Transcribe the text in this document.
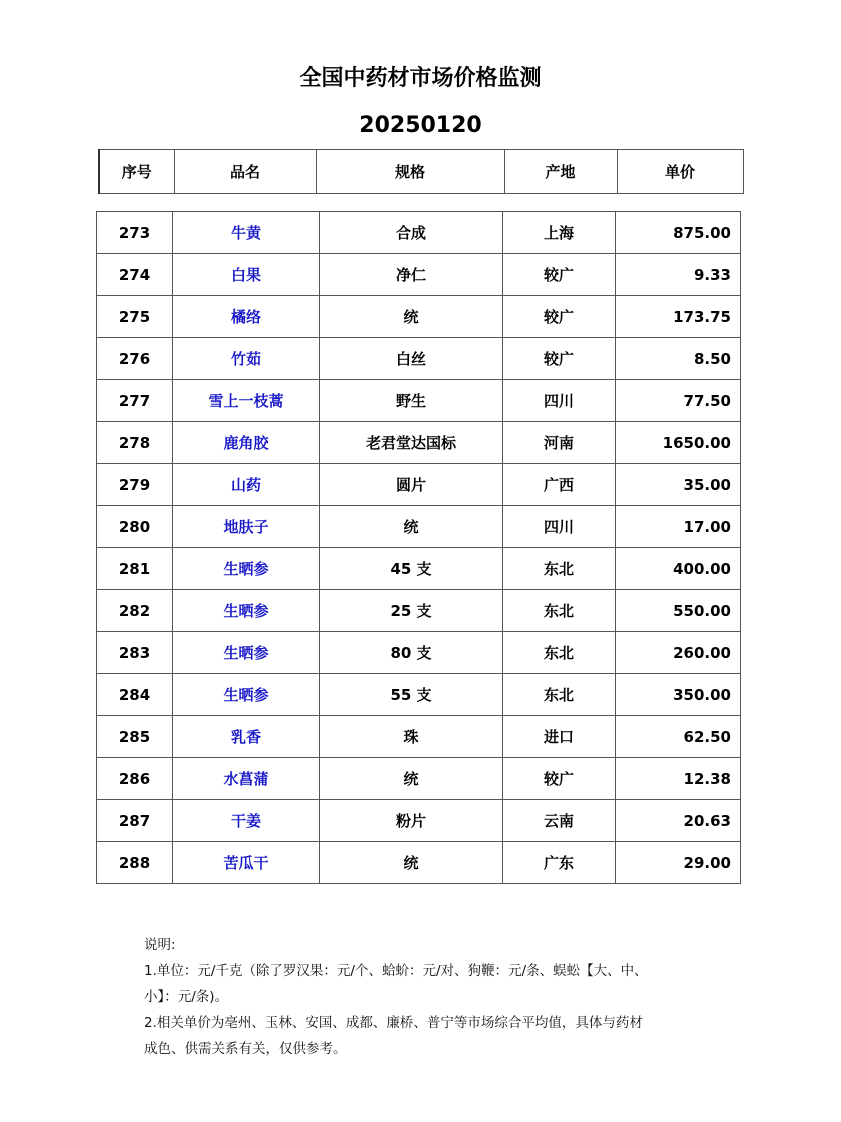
全国中药材市场价格监测
20250120
序号	品名	规格	产地	单价
273	牛黄	合成	上海	875.00
274	白果	净仁	较广	9.33
275	橘络	统	较广	173.75
276	竹茹	白丝	较广	8.50
277	雪上一枝蒿	野生	四川	77.50
278	鹿角胶	老君堂达国标	河南	1650.00
279	山药	圆片	广西	35.00
280	地肤子	统	四川	17.00
281	生晒参	45 支	东北	400.00
282	生晒参	25 支	东北	550.00
283	生晒参	80 支	东北	260.00
284	生晒参	55 支	东北	350.00
285	乳香	珠	进口	62.50
286	水菖蒲	统	较广	12.38
287	干姜	粉片	云南	20.63
288	苦瓜干	统	广东	29.00
说明:
1.单位：元/千克（除了罗汉果：元/个、蛤蚧：元/对、狗鞭：元/条、蜈蚣【大、中、
小】：元/条)。
2.相关单价为亳州、玉林、安国、成都、廉桥、普宁等市场综合平均值，具体与药材
成色、供需关系有关，仅供参考。
